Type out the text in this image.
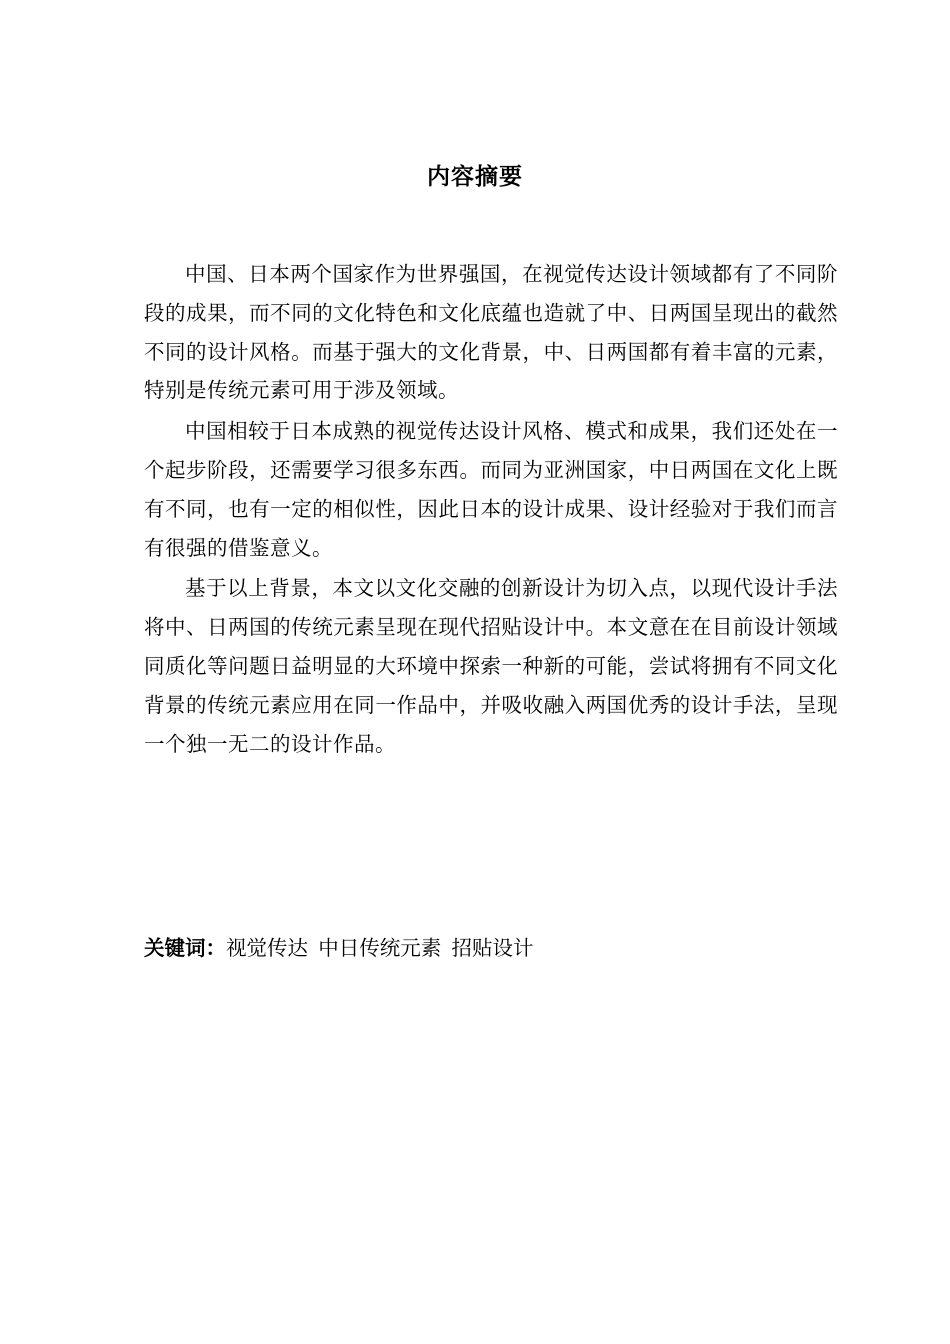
内容摘要

中国、日本两个国家作为世界强国，在视觉传达设计领域都有了不同阶段的成果，而不同的文化特色和文化底蕴也造就了中、日两国呈现出的截然不同的设计风格。而基于强大的文化背景，中、日两国都有着丰富的元素，特别是传统元素可用于涉及领域。

中国相较于日本成熟的视觉传达设计风格、模式和成果，我们还处在一个起步阶段，还需要学习很多东西。而同为亚洲国家，中日两国在文化上既有不同，也有一定的相似性，因此日本的设计成果、设计经验对于我们而言有很强的借鉴意义。

基于以上背景，本文以文化交融的创新设计为切入点，以现代设计手法将中、日两国的传统元素呈现在现代招贴设计中。本文意在在目前设计领域同质化等问题日益明显的大环境中探索一种新的可能，尝试将拥有不同文化背景的传统元素应用在同一作品中，并吸收融入两国优秀的设计手法，呈现一个独一无二的设计作品。

关键词：视觉传达 中日传统元素 招贴设计
